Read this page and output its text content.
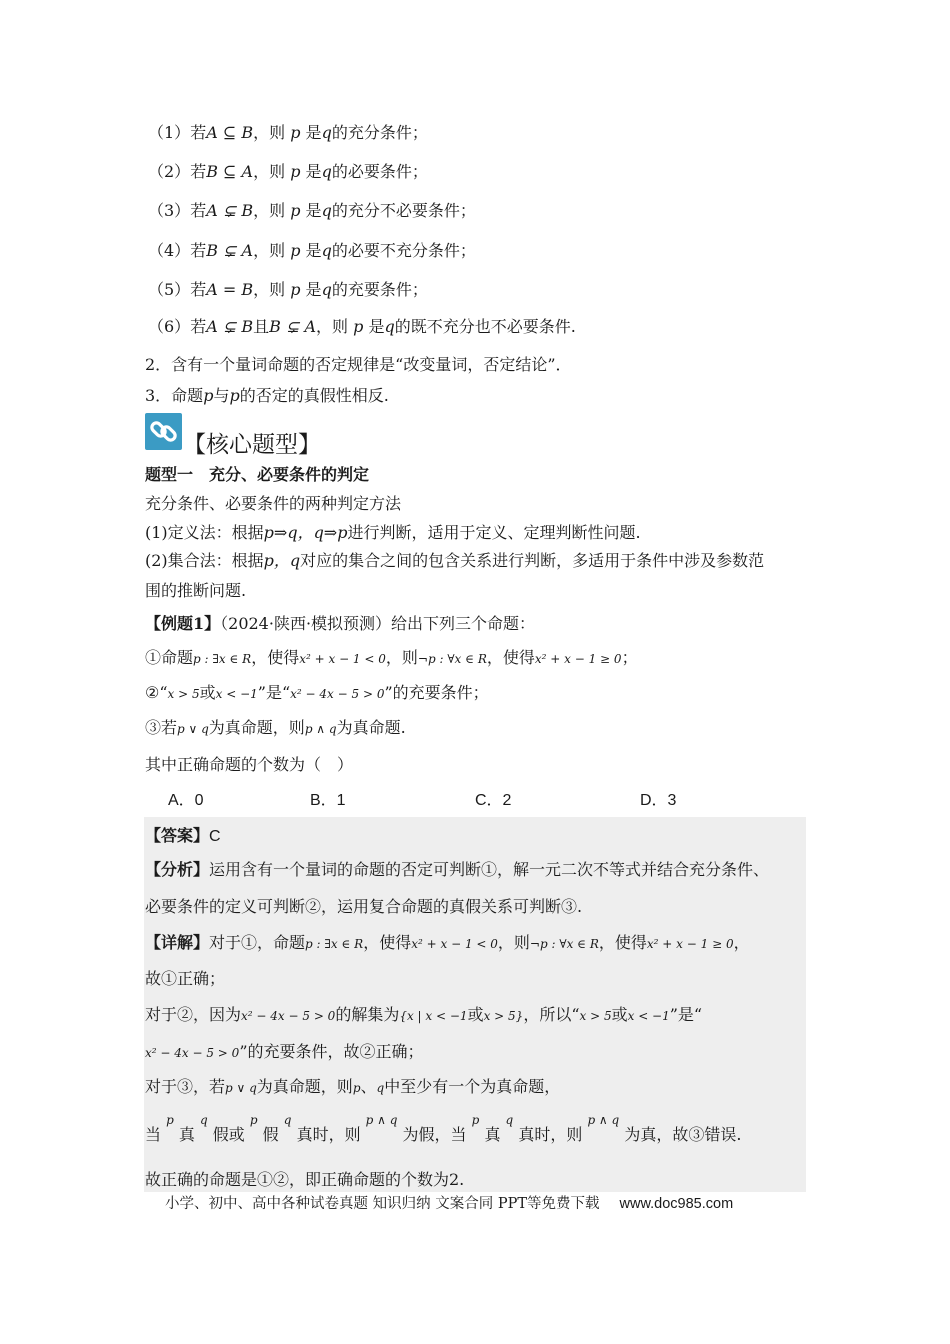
（1）若A ⊆ B，则 p 是q的充分条件；
（2）若B ⊆ A，则 p 是q的必要条件；
（3）若A ⊊ B，则 p 是q的充分不必要条件；
（4）若B ⊊ A，则 p 是q的必要不充分条件；
（5）若A = B，则 p 是q的充要条件；
（6）若A ⊊ B且B ⊊ A，则 p 是q的既不充分也不必要条件.
2．含有一个量词命题的否定规律是“改变量词，否定结论”．
3．命题p与p的否定的真假性相反.
【核心题型】
题型一　充分、必要条件的判定
充分条件、必要条件的两种判定方法
(1)定义法：根据p⇒q，q⇒p进行判断，适用于定义、定理判断性问题.
(2)集合法：根据p，q对应的集合之间的包含关系进行判断，多适用于条件中涉及参数范
围的推断问题.
【例题1】（2024·陕西·模拟预测）给出下列三个命题：
①命题p : ∃x ∈ R，使得x² + x − 1 < 0，则¬p : ∀x ∈ R，使得x² + x − 1 ≥ 0；
②“x > 5或x < −1”是“x² − 4x − 5 > 0”的充要条件；
③若p ∨ q为真命题，则p ∧ q为真命题.
其中正确命题的个数为（　）
A．0	B．1	C．2	D．3
【答案】C
【分析】运用含有一个量词的命题的否定可判断①，解一元二次不等式并结合充分条件、
必要条件的定义可判断②，运用复合命题的真假关系可判断③.
【详解】对于①，命题p : ∃x ∈ R，使得x² + x − 1 < 0，则¬p : ∀x ∈ R，使得x² + x − 1 ≥ 0，
故①正确；
对于②，因为x² − 4x − 5 > 0的解集为{x | x < −1或x > 5}，所以“x > 5或x < −1”是“
x² − 4x − 5 > 0”的充要条件，故②正确；
对于③，若p ∨ q为真命题，则p、q中至少有一个为真命题，
当 $^p$ 真 $^q$ 假或 $^p$ 假 $^q$ 真时，则 $^{p \wedge q}$ 为假，当 $^p$ 真 $^q$ 真时，则 $^{p \wedge q}$ 为真，故③错误.
故正确的命题是①②，即正确命题的个数为2.
小学、初中、高中各种试卷真题 知识归纳 文案合同 PPT等免费下载 www.doc985.com
